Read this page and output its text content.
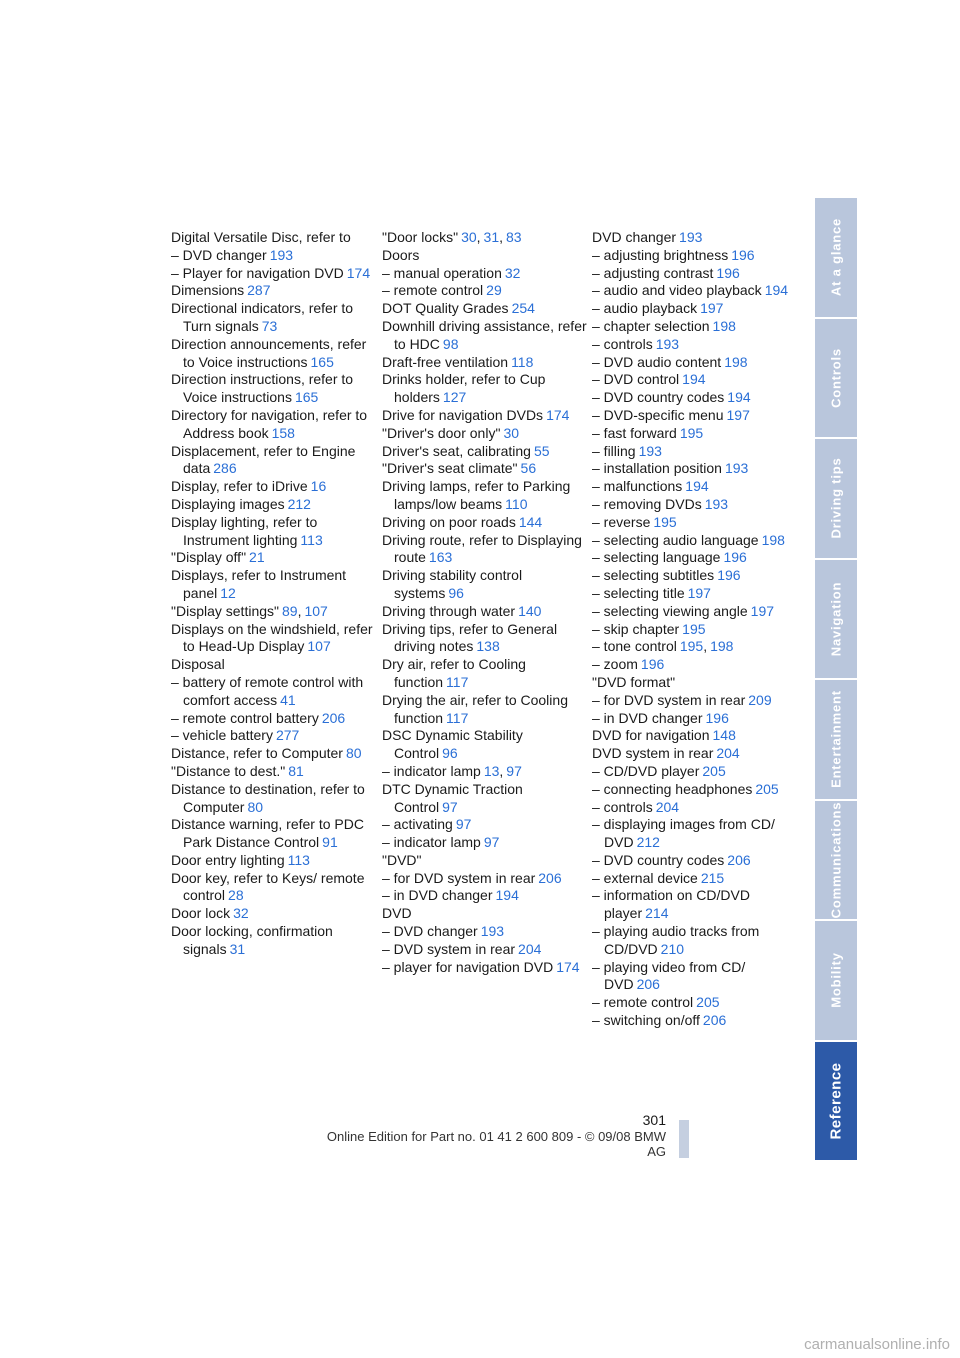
Digital Versatile Disc, refer to
– DVD changer 193
– Player for navigation DVD 174
Dimensions 287
Directional indicators, refer to Turn signals 73
Direction announcements, refer to Voice instructions 165
Direction instructions, refer to Voice instructions 165
Directory for navigation, refer to Address book 158
Displacement, refer to Engine data 286
Display, refer to iDrive 16
Displaying images 212
Display lighting, refer to Instrument lighting 113
"Display off" 21
Displays, refer to Instrument panel 12
"Display settings" 89, 107
Displays on the windshield, refer to Head-Up Display 107
Disposal
– battery of remote control with comfort access 41
– remote control battery 206
– vehicle battery 277
Distance, refer to Computer 80
"Distance to dest." 81
Distance to destination, refer to Computer 80
Distance warning, refer to PDC Park Distance Control 91
Door entry lighting 113
Door key, refer to Keys/ remote control 28
Door lock 32
Door locking, confirmation signals 31
"Door locks" 30, 31, 83
Doors
– manual operation 32
– remote control 29
DOT Quality Grades 254
Downhill driving assistance, refer to HDC 98
Draft-free ventilation 118
Drinks holder, refer to Cup holders 127
Drive for navigation DVDs 174
"Driver's door only" 30
Driver's seat, calibrating 55
"Driver's seat climate" 56
Driving lamps, refer to Parking lamps/low beams 110
Driving on poor roads 144
Driving route, refer to Displaying route 163
Driving stability control systems 96
Driving through water 140
Driving tips, refer to General driving notes 138
Dry air, refer to Cooling function 117
Drying the air, refer to Cooling function 117
DSC Dynamic Stability Control 96
– indicator lamp 13, 97
DTC Dynamic Traction Control 97
– activating 97
– indicator lamp 97
"DVD"
– for DVD system in rear 206
– in DVD changer 194
DVD
– DVD changer 193
– DVD system in rear 204
– player for navigation DVD 174
DVD changer 193
– adjusting brightness 196
– adjusting contrast 196
– audio and video playback 194
– audio playback 197
– chapter selection 198
– controls 193
– DVD audio content 198
– DVD control 194
– DVD country codes 194
– DVD-specific menu 197
– fast forward 195
– filling 193
– installation position 193
– malfunctions 194
– removing DVDs 193
– reverse 195
– selecting audio language 198
– selecting language 196
– selecting subtitles 196
– selecting title 197
– selecting viewing angle 197
– skip chapter 195
– tone control 195, 198
– zoom 196
"DVD format"
– for DVD system in rear 209
– in DVD changer 196
DVD for navigation 148
DVD system in rear 204
– CD/DVD player 205
– connecting headphones 205
– controls 204
– displaying images from CD/ DVD 212
– DVD country codes 206
– external device 215
– information on CD/DVD player 214
– playing audio tracks from CD/DVD 210
– playing video from CD/ DVD 206
– remote control 205
– switching on/off 206
At a glance
Controls
Driving tips
Navigation
Entertainment
Communications
Mobility
Reference
301
Online Edition for Part no. 01 41 2 600 809 - © 09/08 BMW AG
carmanualsonline.info
